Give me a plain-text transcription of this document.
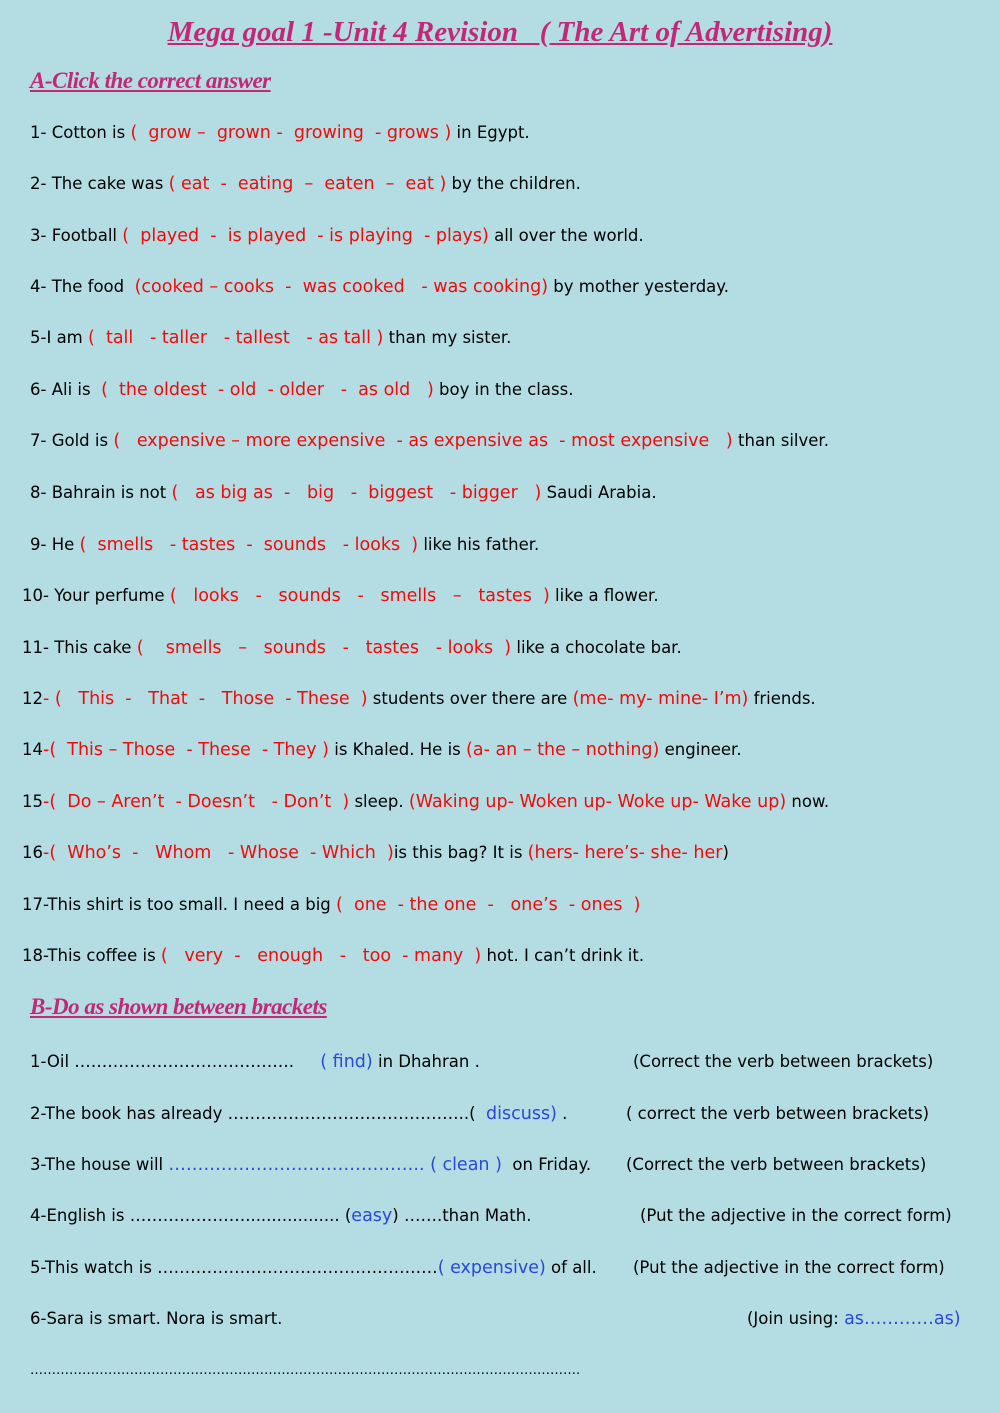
Mega goal 1 -Unit 4 Revision   ( The Art of Advertising)
A-Click the correct answer
1- Cotton is (  grow –  grown -  growing  - grows ) in Egypt.
2- The cake was ( eat  -  eating  –  eaten  –  eat ) by the children.
3- Football (  played  -  is played  - is playing  - plays) all over the world.
4- The food  (cooked – cooks  -  was cooked   - was cooking) by mother yesterday.
5-I am (  tall   - taller   - tallest   - as tall ) than my sister.
6- Ali is  (  the oldest  - old  - older   -  as old   ) boy in the class.
7- Gold is (   expensive – more expensive  - as expensive as  - most expensive   ) than silver.
8- Bahrain is not (   as big as  -   big   -  biggest   - bigger   ) Saudi Arabia.
9- He (  smells   - tastes  -  sounds   - looks  ) like his father.
10- Your perfume (   looks   -   sounds   -   smells   –   tastes  ) like a flower.
11- This cake (    smells   –   sounds   -   tastes   - looks  ) like a chocolate bar.
12- (   This  -   That  -   Those  - These  ) students over there are (me- my- mine- I’m) friends.
14-(  This – Those  - These  - They ) is Khaled. He is (a- an – the – nothing) engineer.
15-(  Do – Aren’t  - Doesn’t   - Don’t  ) sleep. (Waking up- Woken up- Woke up- Wake up) now.
16-(  Who’s  -   Whom   - Whose  - Which  )is this bag? It is (hers- here’s- she- her)
17-This shirt is too small. I need a big (  one  - the one  -   one’s  - ones  )
18-This coffee is (   very  -   enough   -   too  - many  ) hot. I can’t drink it.
B-Do as shown between brackets
1-Oil ………………………………….     ( find) in Dhahran .	(Correct the verb between brackets)
2-The book has already ……………………………………..(  discuss) .	( correct the verb between brackets)
3-The house will …………………………………….. ( clean )  on Friday. (Correct the verb between brackets)
4-English is ………………….................. (easy) …….than Math.	(Put the adjective in the correct form)
5-This watch is ……………………………………………( expensive) of all. (Put the adjective in the correct form)
6-Sara is smart. Nora is smart.	(Join using: as…………as)
……………………………………………………………………………………………………………….
